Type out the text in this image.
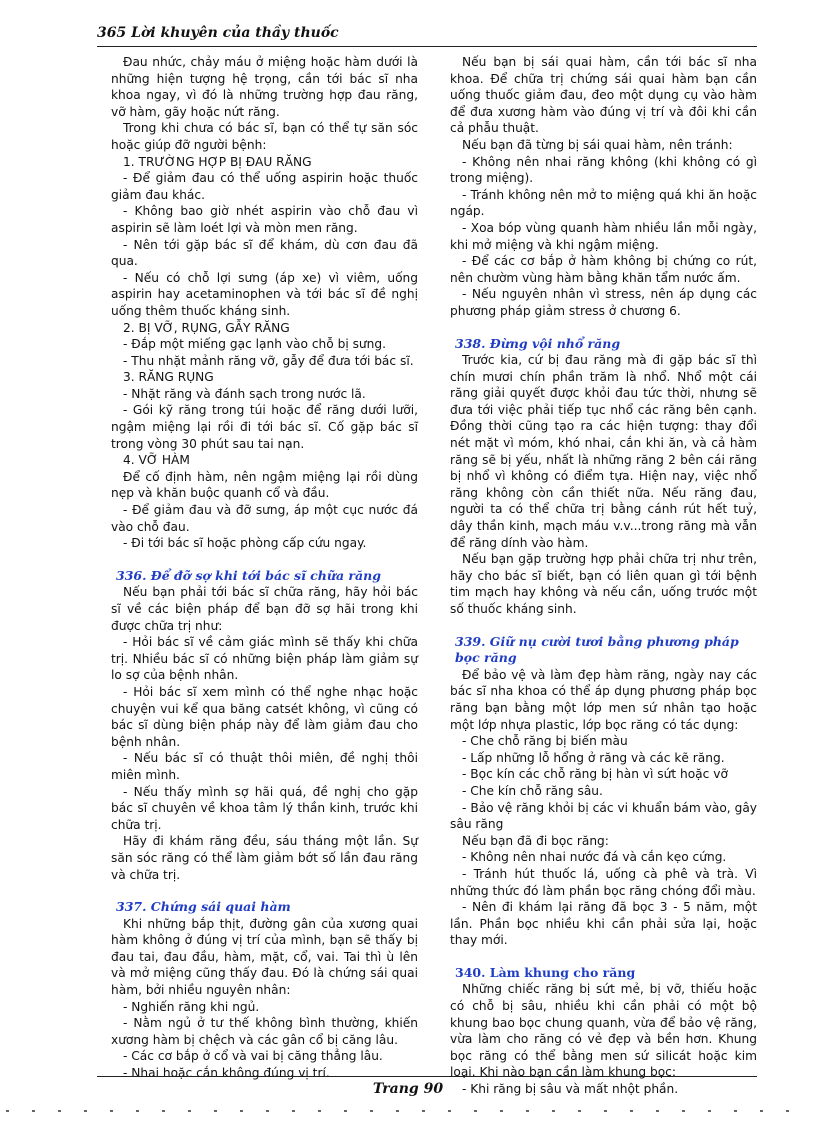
365 Lời khuyên của thầy thuốc

Đau nhức, chảy máu ở miệng hoặc hàm dưới là những hiện tượng hệ trọng, cần tới bác sĩ nha khoa ngay, vì đó là những trường hợp đau răng, vỡ hàm, gãy hoặc nứt răng.

Trong khi chưa có bác sĩ, bạn có thể tự săn sóc hoặc giúp đỡ người bệnh:

1. TRƯỜNG HỢP BỊ ĐAU RĂNG

- Để giảm đau có thể uống aspirin hoặc thuốc giảm đau khác.

- Không bao giờ nhét aspirin vào chỗ đau vì aspirin sẽ làm loét lợi và mòn men răng.

- Nên tới gặp bác sĩ để khám, dù cơn đau đã qua.

- Nếu có chỗ lợi sưng (áp xe) vì viêm, uống aspirin hay acetaminophen và tới bác sĩ đề nghị uống thêm thuốc kháng sinh.

2. BỊ VỠ, RỤNG, GẪY RĂNG

- Đắp một miếng gạc lạnh vào chỗ bị sưng.

- Thu nhặt mảnh răng vỡ, gẫy để đưa tới bác sĩ.

3. RĂNG RỤNG

- Nhặt răng và đánh sạch trong nước lã.

- Gói kỹ răng trong túi hoặc để răng dưới lưỡi, ngậm miệng lại rồi đi tới bác sĩ. Cố gặp bác sĩ trong vòng 30 phút sau tai nạn.

4. VỠ HÀM

Để cố định hàm, nên ngậm miệng lại rồi dùng nẹp và khăn buộc quanh cổ và đầu.

- Để giảm đau và đỡ sưng, áp một cục nước đá vào chỗ đau.

- Đi tới bác sĩ hoặc phòng cấp cứu ngay.

336. Để đỡ sợ khi tới bác sĩ chữa răng

Nếu bạn phải tới bác sĩ chữa răng, hãy hỏi bác sĩ về các biện pháp để bạn đỡ sợ hãi trong khi được chữa trị như:

- Hỏi bác sĩ về cảm giác mình sẽ thấy khi chữa trị. Nhiều bác sĩ có những biện pháp làm giảm sự lo sợ của bệnh nhân.

- Hỏi bác sĩ xem mình có thể nghe nhạc hoặc chuyện vui kể qua băng catsét không, vì cũng có bác sĩ dùng biện pháp này để làm giảm đau cho bệnh nhân.

- Nếu bác sĩ có thuật thôi miên, đề nghị thôi miên mình.

- Nếu thấy mình sợ hãi quá, đề nghị cho gặp bác sĩ chuyên về khoa tâm lý thần kinh, trước khi chữa trị.

Hãy đi khám răng đều, sáu tháng một lần. Sự săn sóc răng có thể làm giảm bớt số lần đau răng và chữa trị.

337. Chứng sái quai hàm

Khi những bắp thịt, đường gân của xương quai hàm không ở đúng vị trí của mình, bạn sẽ thấy bị đau tai, đau đầu, hàm, mặt, cổ, vai. Tai thì ù lên và mở miệng cũng thấy đau. Đó là chứng sái quai hàm, bởi nhiều nguyên nhân:

- Nghiến răng khi ngủ.

- Nằm ngủ ở tư thế không bình thường, khiến xương hàm bị chệch và các gân cổ bị căng lâu.

- Các cơ bắp ở cổ và vai bị căng thẳng lâu.

- Nhai hoặc cắn không đúng vị trí.

Nếu bạn bị sái quai hàm, cần tới bác sĩ nha khoa. Để chữa trị chứng sái quai hàm bạn cần uống thuốc giảm đau, đeo một dụng cụ vào hàm để đưa xương hàm vào đúng vị trí và đôi khi cần cả phẫu thuật.

Nếu bạn đã từng bị sái quai hàm, nên tránh:

- Không nên nhai răng không (khi không có gì trong miệng).

- Tránh không nên mở to miệng quá khi ăn hoặc ngáp.

- Xoa bóp vùng quanh hàm nhiều lần mỗi ngày, khi mở miệng và khi ngậm miệng.

- Để các cơ bắp ở hàm không bị chứng co rút, nên chườm vùng hàm bằng khăn tẩm nước ấm.

- Nếu nguyên nhân vì stress, nên áp dụng các phương pháp giảm stress ở chương 6.

338. Đừng vội nhổ răng

Trước kia, cứ bị đau răng mà đi gặp bác sĩ thì chín mươi chín phần trăm là nhổ. Nhổ một cái răng giải quyết được khỏi đau tức thời, nhưng sẽ đưa tới việc phải tiếp tục nhổ các răng bên cạnh. Đồng thời cũng tạo ra các hiện tượng: thay đổi nét mặt vì móm, khó nhai, cắn khi ăn, và cả hàm răng sẽ bị yếu, nhất là những răng 2 bên cái răng bị nhổ vì không có điểm tựa. Hiện nay, việc nhổ răng không còn cần thiết nữa. Nếu răng đau, người ta có thể chữa trị bằng cánh rút hết tuỷ, dây thần kinh, mạch máu v.v...trong răng mà vẫn để răng dính vào hàm.

Nếu bạn gặp trường hợp phải chữa trị như trên, hãy cho bác sĩ biết, bạn có liên quan gì tới bệnh tim mạch hay không và nếu cần, uống trước một số thuốc kháng sinh.

339. Giữ nụ cười tươi bằng phương pháp bọc răng

Để bảo vệ và làm đẹp hàm răng, ngày nay các bác sĩ nha khoa có thể áp dụng phương pháp bọc răng bạn bằng một lớp men sứ nhân tạo hoặc một lớp nhựa plastic, lớp bọc răng có tác dụng:

- Che chỗ răng bị biến màu

- Lấp những lỗ hổng ở răng và các kẽ răng.

- Bọc kín các chỗ răng bị hàn vì sứt hoặc vỡ

- Che kín chỗ răng sâu.

- Bảo vệ răng khỏi bị các vi khuẩn bám vào, gây sâu răng

Nếu bạn đã đi bọc răng:

- Không nên nhai nước đá và cắn kẹo cứng.

- Tránh hút thuốc lá, uống cà phê và trà. Vì những thức đó làm phần bọc răng chóng đổi màu.

- Nên đi khám lại răng đã bọc 3 - 5 năm, một lần. Phần bọc nhiều khi cần phải sửa lại, hoặc thay mới.

340. Làm khung cho răng

Những chiếc răng bị sứt mẻ, bị vỡ, thiếu hoặc có chỗ bị sâu, nhiều khi cần phải có một bộ khung bao bọc chung quanh, vừa để bảo vệ răng, vừa làm cho răng có vẻ đẹp và bền hơn. Khung bọc răng có thể bằng men sứ silicát hoặc kim loại. Khi nào bạn cần làm khung bọc:

- Khi răng bị sâu và mất nhột phần.

Trang 90
